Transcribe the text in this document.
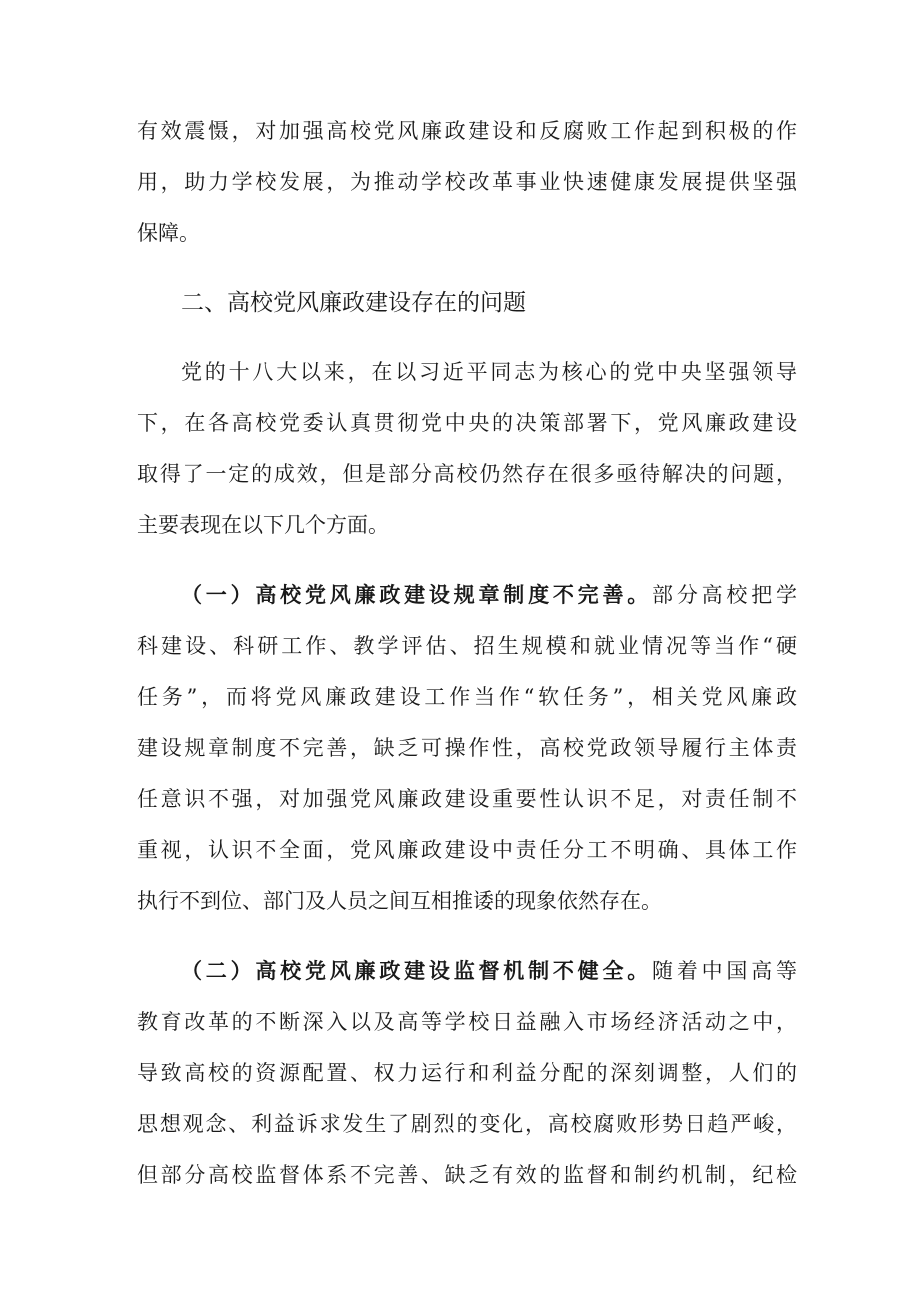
有效震慑，对加强高校党风廉政建设和反腐败工作起到积极的作
用，助力学校发展，为推动学校改革事业快速健康发展提供坚强
保障。
二、高校党风廉政建设存在的问题
党的十八大以来，在以习近平同志为核心的党中央坚强领导
下，在各高校党委认真贯彻党中央的决策部署下，党风廉政建设
取得了一定的成效，但是部分高校仍然存在很多亟待解决的问题，
主要表现在以下几个方面。
（一）高校党风廉政建设规章制度不完善。部分高校把学
科建设、科研工作、教学评估、招生规模和就业情况等当作“硬
任务”，而将党风廉政建设工作当作“软任务”，相关党风廉政
建设规章制度不完善，缺乏可操作性，高校党政领导履行主体责
任意识不强，对加强党风廉政建设重要性认识不足，对责任制不
重视，认识不全面，党风廉政建设中责任分工不明确、具体工作
执行不到位、部门及人员之间互相推诿的现象依然存在。
（二）高校党风廉政建设监督机制不健全。随着中国高等
教育改革的不断深入以及高等学校日益融入市场经济活动之中，
导致高校的资源配置、权力运行和利益分配的深刻调整，人们的
思想观念、利益诉求发生了剧烈的变化，高校腐败形势日趋严峻，
但部分高校监督体系不完善、缺乏有效的监督和制约机制，纪检
